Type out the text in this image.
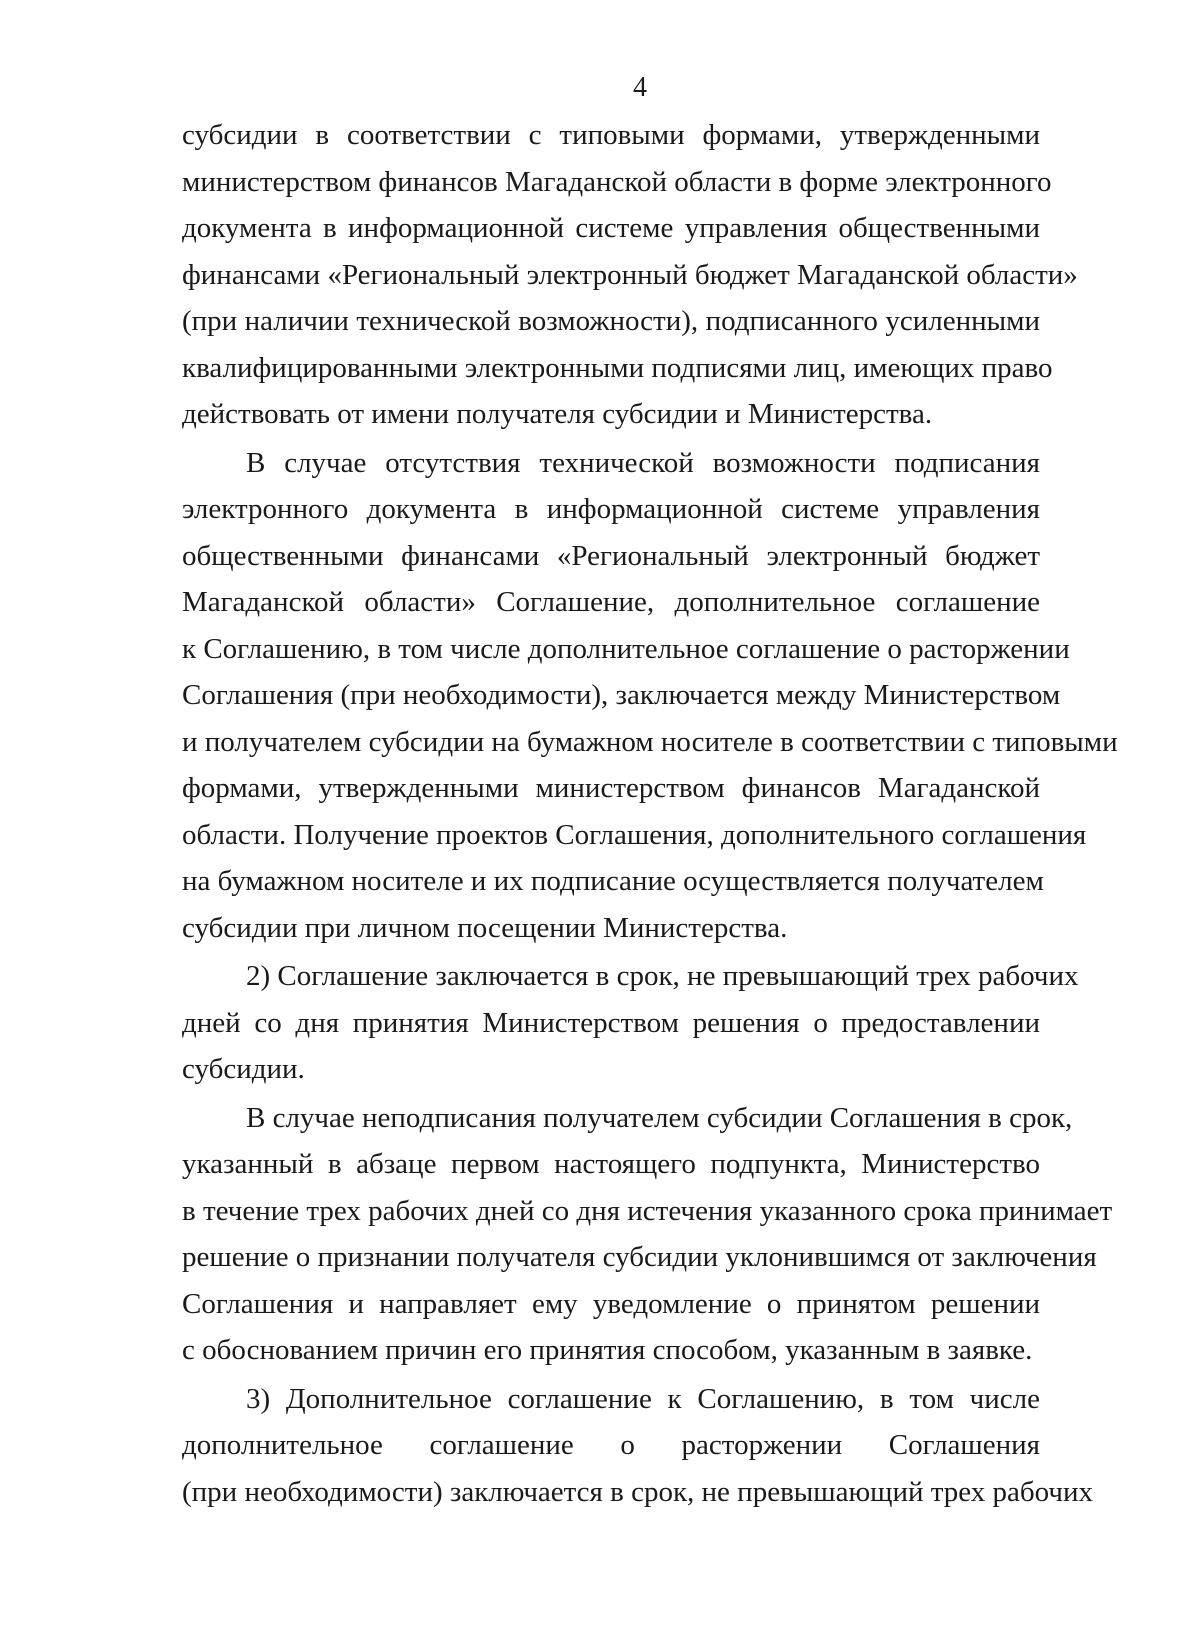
4
субсидии в соответствии с типовыми формами, утвержденными
министерством финансов Магаданской области в форме электронного
документа в информационной системе управления общественными
финансами «Региональный электронный бюджет Магаданской области»
(при наличии технической возможности), подписанного усиленными
квалифицированными электронными подписями лиц, имеющих право
действовать от имени получателя субсидии и Министерства.
В случае отсутствия технической возможности подписания
электронного документа в информационной системе управления
общественными финансами «Региональный электронный бюджет
Магаданской области» Соглашение, дополнительное соглашение
к Соглашению, в том числе дополнительное соглашение о расторжении
Соглашения (при необходимости), заключается между Министерством
и получателем субсидии на бумажном носителе в соответствии с типовыми
формами, утвержденными министерством финансов Магаданской
области. Получение проектов Соглашения, дополнительного соглашения
на бумажном носителе и их подписание осуществляется получателем
субсидии при личном посещении Министерства.
2) Соглашение заключается в срок, не превышающий трех рабочих
дней со дня принятия Министерством решения о предоставлении
субсидии.
В случае неподписания получателем субсидии Соглашения в срок,
указанный в абзаце первом настоящего подпункта, Министерство
в течение трех рабочих дней со дня истечения указанного срока принимает
решение о признании получателя субсидии уклонившимся от заключения
Соглашения и направляет ему уведомление о принятом решении
с обоснованием причин его принятия способом, указанным в заявке.
3) Дополнительное соглашение к Соглашению, в том числе
дополнительное соглашение о расторжении Соглашения
(при необходимости) заключается в срок, не превышающий трех рабочих
